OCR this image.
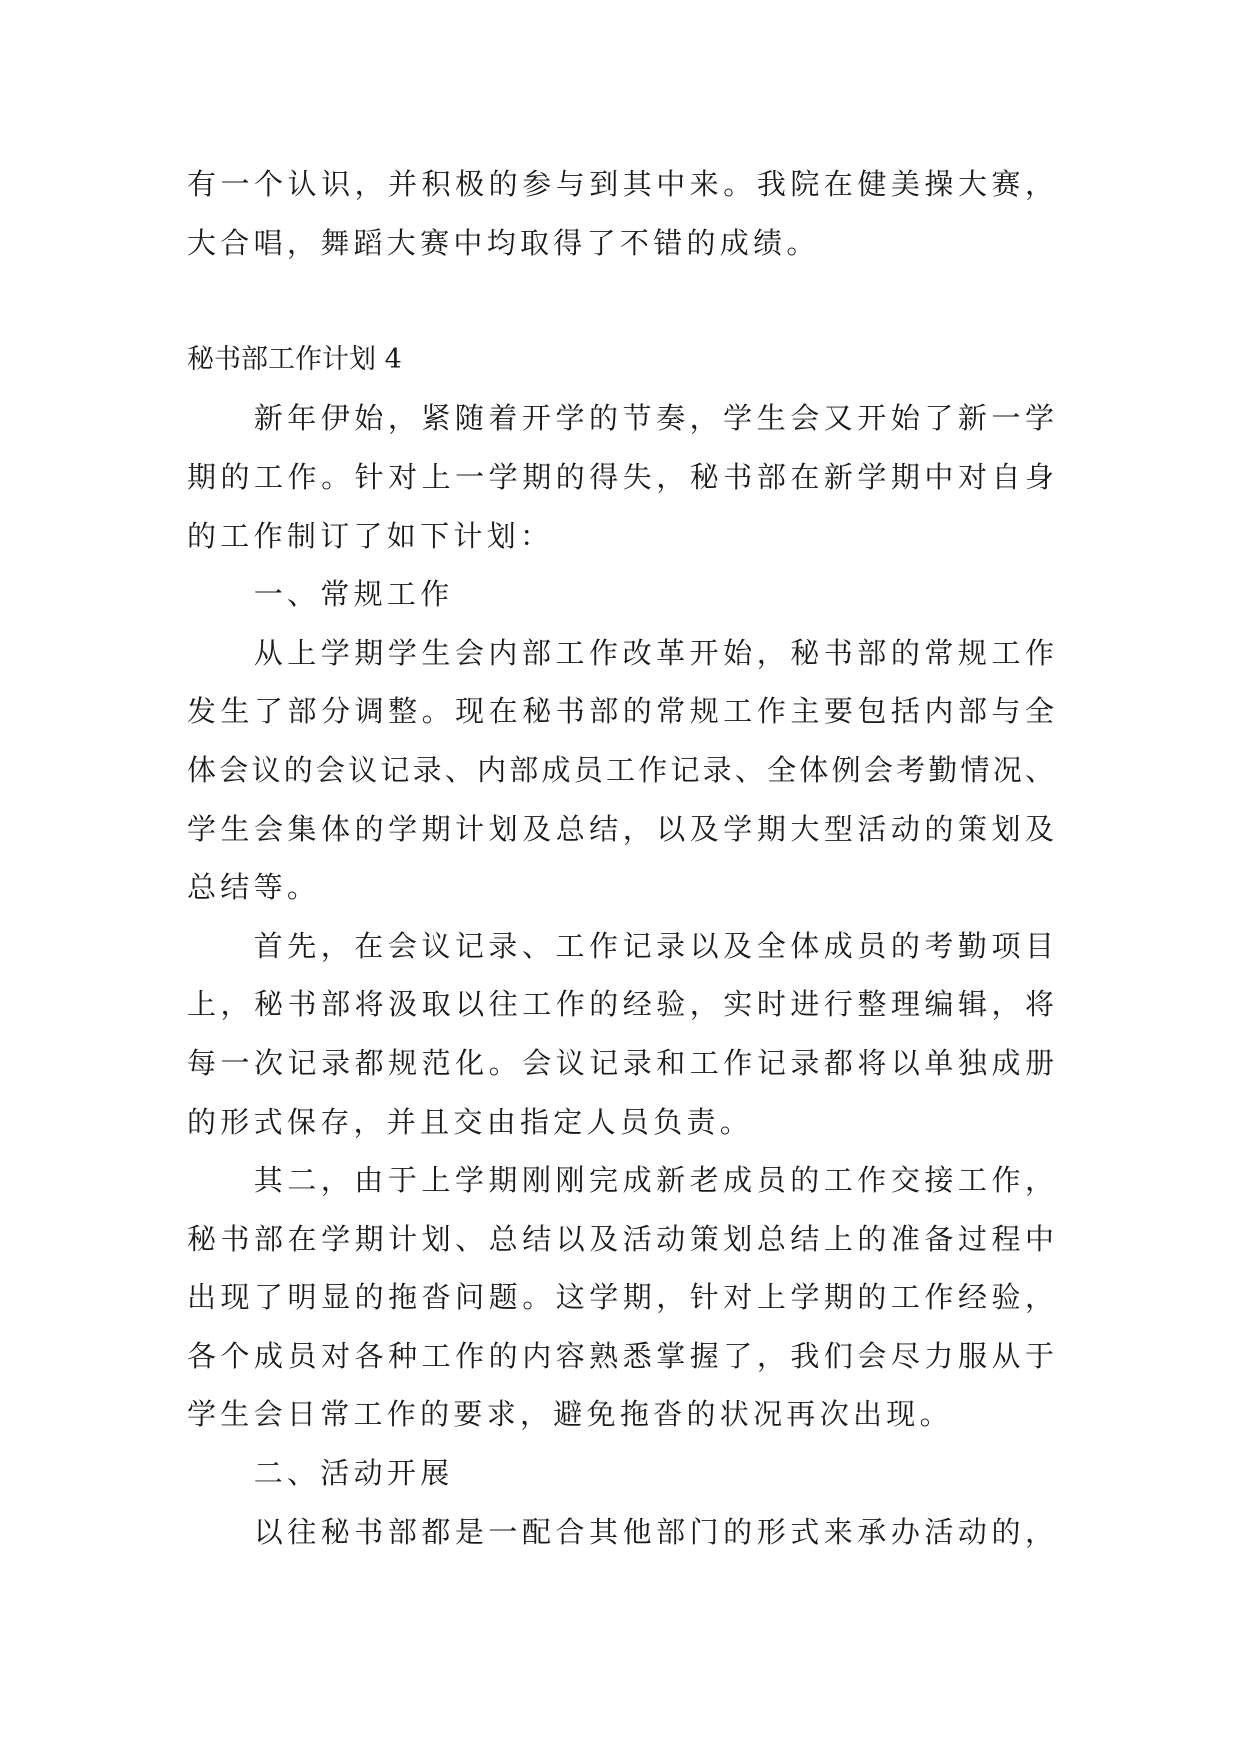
有一个认识，并积极的参与到其中来。我院在健美操大赛，
大合唱，舞蹈大赛中均取得了不错的成绩。
秘书部工作计划 4
新年伊始，紧随着开学的节奏，学生会又开始了新一学
期的工作。针对上一学期的得失，秘书部在新学期中对自身
的工作制订了如下计划：
一、常规工作
从上学期学生会内部工作改革开始，秘书部的常规工作
发生了部分调整。现在秘书部的常规工作主要包括内部与全
体会议的会议记录、内部成员工作记录、全体例会考勤情况、
学生会集体的学期计划及总结，以及学期大型活动的策划及
总结等。
首先，在会议记录、工作记录以及全体成员的考勤项目
上，秘书部将汲取以往工作的经验，实时进行整理编辑，将
每一次记录都规范化。会议记录和工作记录都将以单独成册
的形式保存，并且交由指定人员负责。
其二，由于上学期刚刚完成新老成员的工作交接工作，
秘书部在学期计划、总结以及活动策划总结上的准备过程中
出现了明显的拖沓问题。这学期，针对上学期的工作经验，
各个成员对各种工作的内容熟悉掌握了，我们会尽力服从于
学生会日常工作的要求，避免拖沓的状况再次出现。
二、活动开展
以往秘书部都是一配合其他部门的形式来承办活动的，
